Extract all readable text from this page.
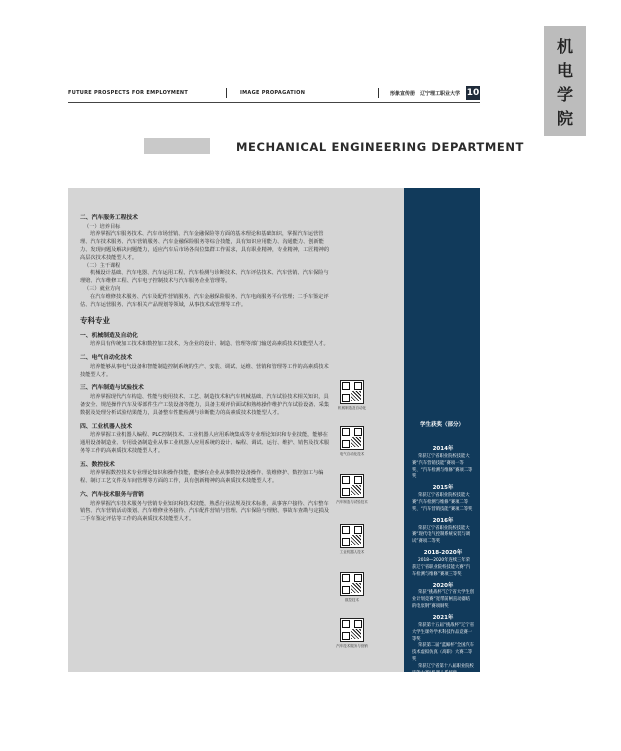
FUTURE PROSPECTS FOR EMPLOYMENT	IMAGE PROPAGATION	形象宣传册 辽宁理工职业大学 10
机
电
学
院
MECHANICAL ENGINEERING DEPARTMENT
学生获奖（部分）
2014年
荣获辽宁省职业院校技能大赛“汽车营销技能”赛项一等奖、“汽车检测与维修”赛项二等奖
2015年
荣获辽宁省职业院校技能大赛“汽车检测与维修”赛项二等奖、“汽车营销技能”赛项二等奖
2016年
荣获辽宁省职业院校技能大赛“现代电气控制系统安装与调试”赛项二等奖
2018-2020年
2018—2020年连续三年荣获辽宁省职业院校技能大赛“汽车检测与维修”赛项三等奖
2020年
荣获“挑战杯”辽宁省大学生创业计划竞赛“宽带前闸直动器结的电泵钢”赛项铜奖
2021年
荣获第十五届“挑战杯”辽宁省大学生课外学术科技作品竞赛一等奖
荣获第二届“蓝鲸杯”全国汽车技术虚拟仿真（高职）大赛二等奖
荣获辽宁省第十八届职业院校技能大赛“机器人系统集成”和“机器视觉系统应用”赛项二等奖
荣获辽宁省第十八届职业院校技能大赛“数控机床装调与技术改造”、“现代电气控制系统安装与调试”和“汽车营术”赛项三等奖
荣获“挑战杯”辽宁省大学生创业计划竞赛“智能电子锁”赛项三等奖

二、汽车服务工程技术

（一）培养目标

培养掌握汽车服务技术、汽车市场营销、汽车金融保险等方面的基本理论和基础知识，掌握汽车运营管理、汽车技术服务、汽车营销服务、汽车金融保险服务等综合技能，具有知识应用能力、沟通能力、创新能力、发现问题及解决问题能力，适应汽车后市场各岗位集群工作需求，具有职业精神，专业精神，工匠精神的高层次技术技能型人才。

（二）主干课程

机械设计基础、汽车电器、汽车运用工程、汽车检测与诊断技术、汽车评估技术、汽车营销、汽车保险与理赔、汽车维修工程、汽车电子控制技术与汽车服务企业管理等。

（三）就业方向

在汽车维修技术服务、汽车及配件营销服务、汽车金融保险服务、汽车电商服务平台管理；二手车鉴定评估、汽车运营服务、汽车相关产品规划等领域，从事技术或管理等工作。

专科专业

一、机械制造及自动化

培养具有传统加工技术和数控加工技术，为企业的设计、制造、管理等部门输送高素质技术技能型人才。

二、电气自动化技术

培养能够从事电气设备和智能制造控制系统的生产、安装、调试、运维、营销和管理等工作的高素质技术技能型人才。

三、汽车制造与试验技术

培养掌握现代汽车构造、性能与使用技术、工艺、制造技术和汽车机械基础、汽车试验技术相关知识，具备安全、规范操作汽车及零部件生产工装设备等能力，具备主观评价面试和熟练操作维护汽车试验设备、采集数据及处理分析试验结果能力，具备整车性能检测与诊断能力的高素质技术技能型人才。

四、工业机器人技术

培养掌握工业机器人编程、PLC控制技术、工业机器人应用系统集成等专业理论知识和专业技能，能够在通用设备制造业、专用设备制造业从事工业机器人应用系统的设计、编程、调试、运行、维护、销售及技术服务等工作的高素质技术技能型人才。

五、数控技术

培养掌握数控技术专业理论知识和操作技能，能够在企业从事数控设备操作、装维修护、数控加工与编程、制订工艺文件及车间管理等方面的工作，具有创新精神的高素质技术技能型人才。

六、汽车技术服务与营销

培养掌握汽车技术服务与营销专业知识和技术技能，熟悉行业法规及技术标准，从事客户接待、汽车整车销售、汽车营销活动策划、汽车维修业务接待、汽车配件营销与管理、汽车保险与理赔、事故车查勘与定损及二手车鉴定评估等工作的高素质技术技能型人才。

机械制造及自动化
电气自动化技术
汽车制造与试验技术
工业机器人技术
数控技术
汽车技术服务与营销
